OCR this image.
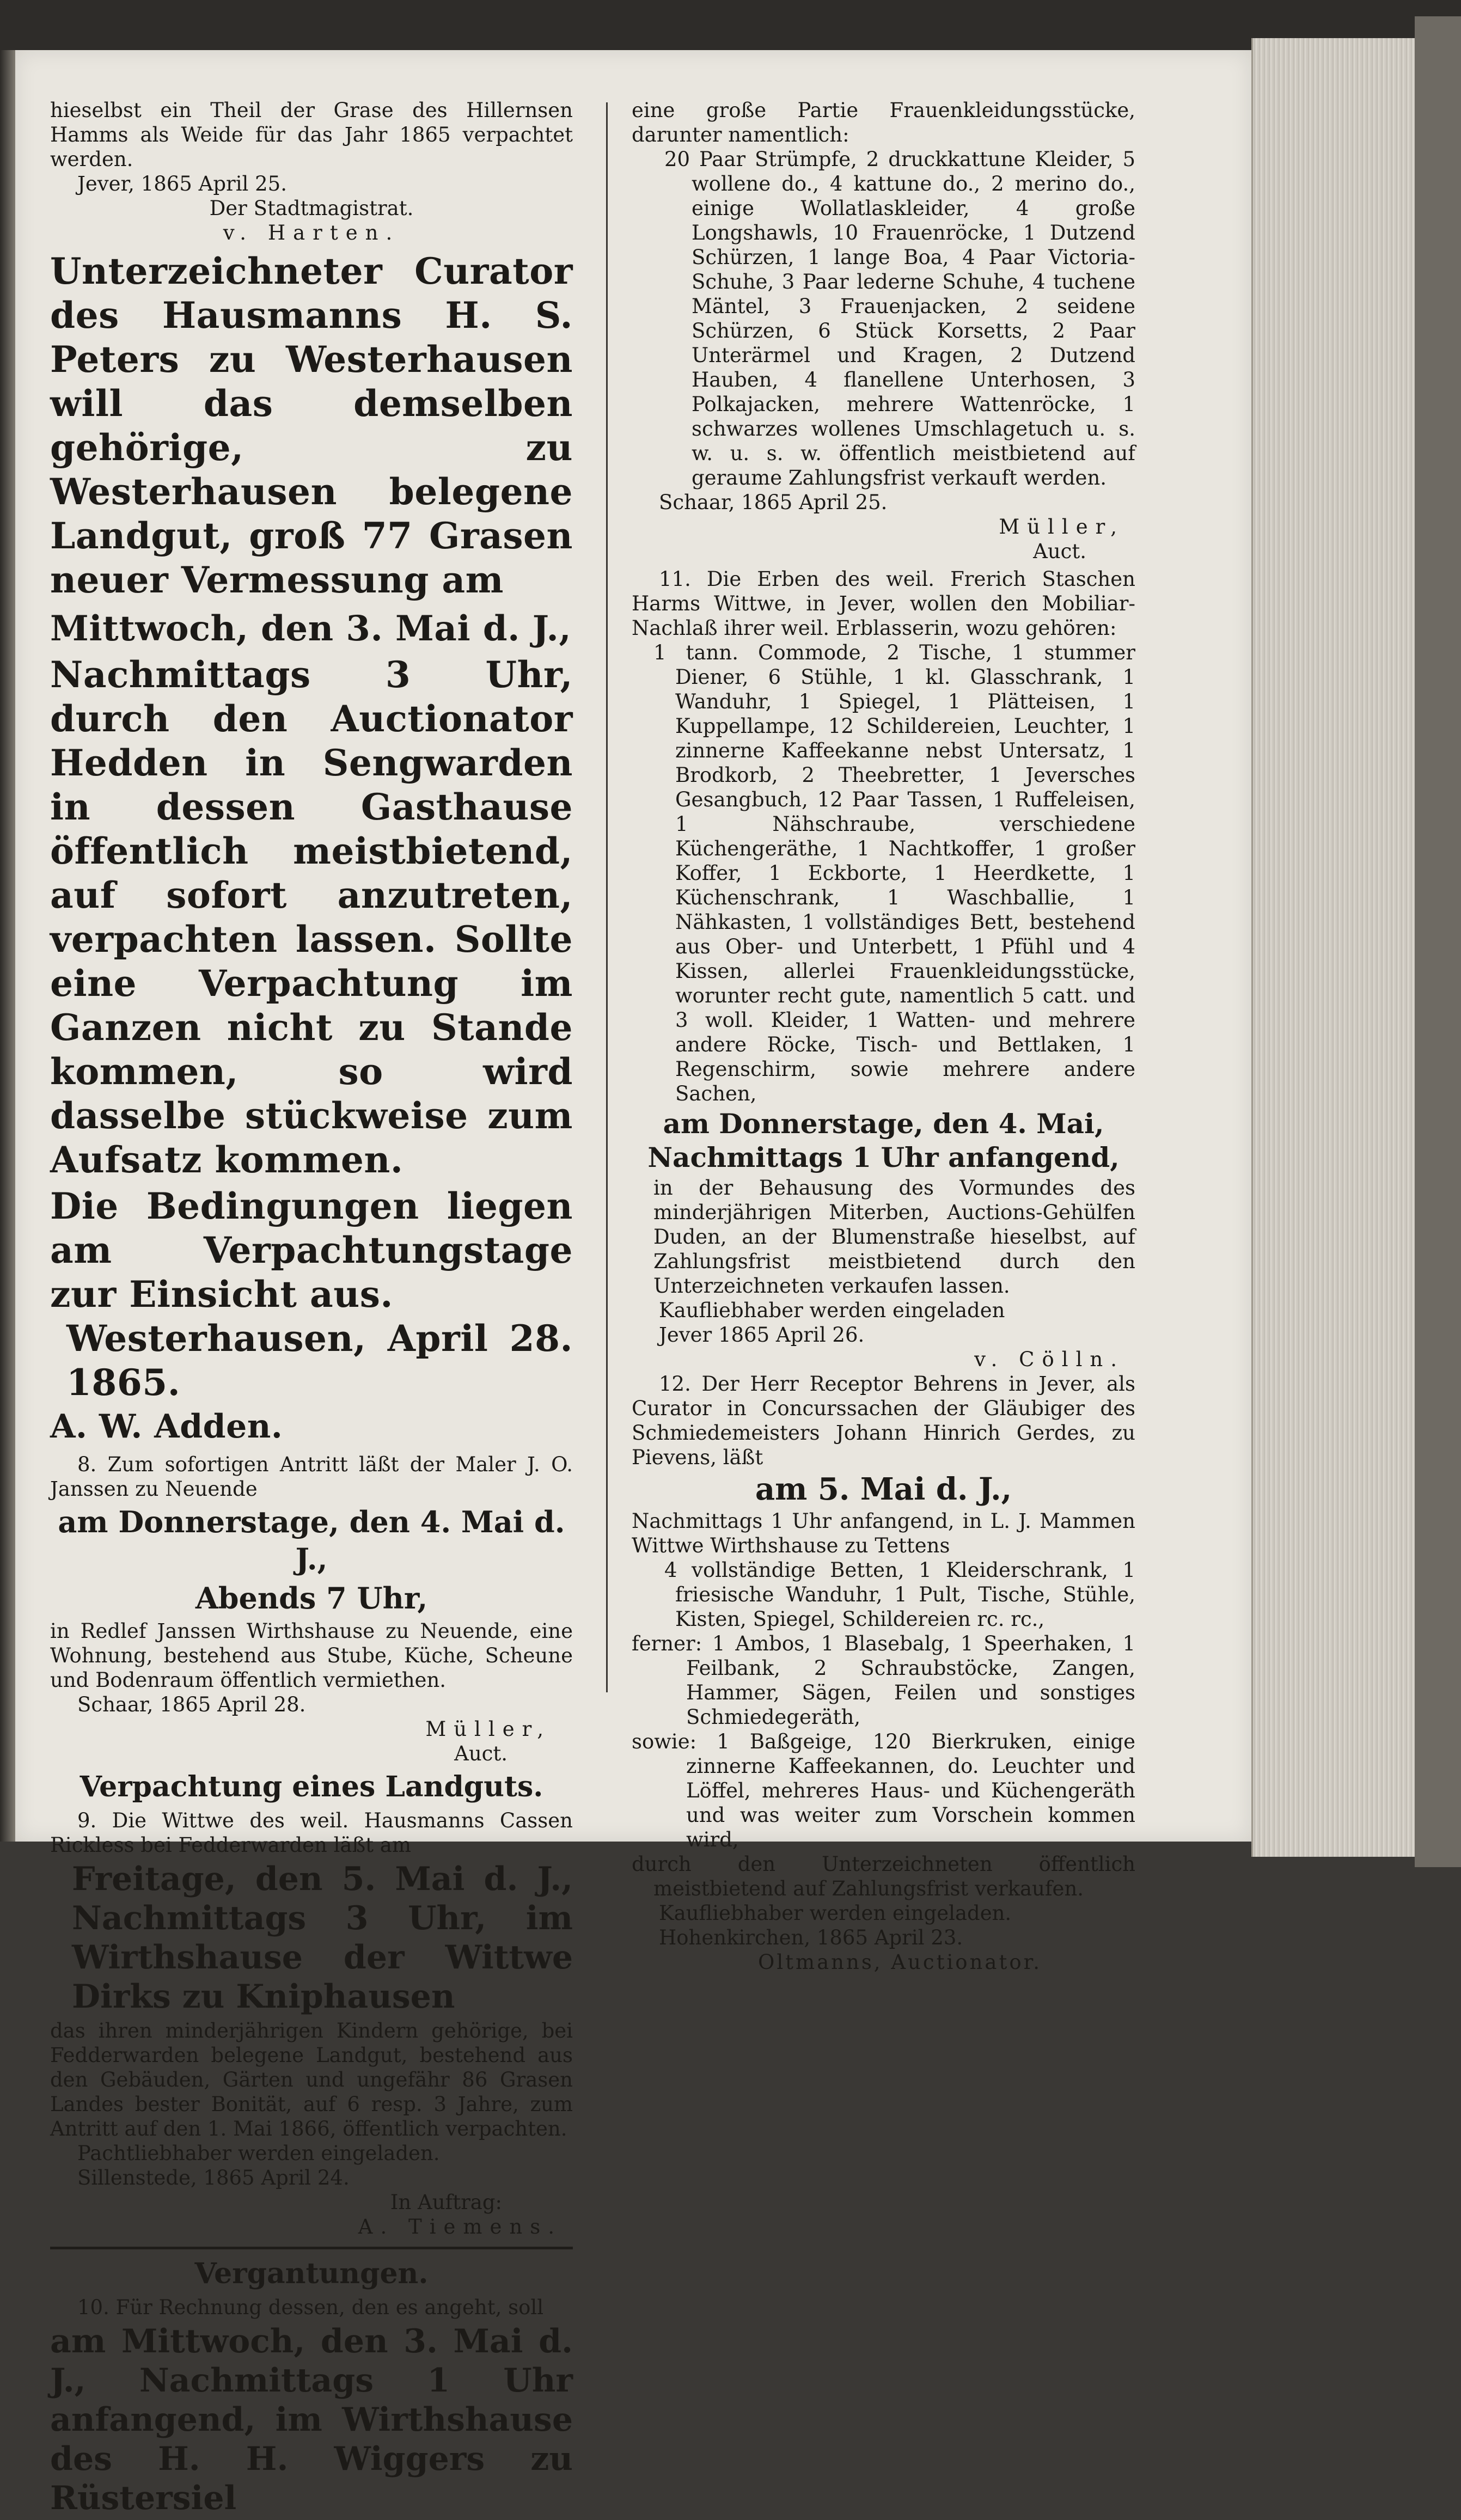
hieselbst ein Theil der Grase des Hillernsen Hamms als Weide für das Jahr 1865 verpachtet werden.

Jever, 1865 April 25.

Der Stadtmagistrat.

v. Harten.

Unterzeichneter Curator des Hausmanns H. S. Peters zu Westerhausen will das demselben gehörige, zu Westerhausen belegene Landgut, groß 77 Grasen neuer Vermessung am

Mittwoch, den 3. Mai d. J.,

Nachmittags 3 Uhr, durch den Auctionator Hedden in Sengwarden in dessen Gasthause öffentlich meistbietend, auf sofort anzutreten, verpachten lassen. Sollte eine Verpachtung im Ganzen nicht zu Stande kommen, so wird dasselbe stückweise zum Aufsatz kommen.

Die Bedingungen liegen am Verpachtungstage zur Einsicht aus.

Westerhausen, April 28. 1865.

A. W. Adden.

8. Zum sofortigen Antritt läßt der Maler J. O. Janssen zu Neuende

am Donnerstage, den 4. Mai d. J.,

Abends 7 Uhr,

in Redlef Janssen Wirthshause zu Neuende, eine Wohnung, bestehend aus Stube, Küche, Scheune und Bodenraum öffentlich vermiethen.

Schaar, 1865 April 28.

Müller,

Auct.

Verpachtung eines Landguts.

9. Die Wittwe des weil. Hausmanns Cassen Rickless bei Fedderwarden läßt am

Freitage, den 5. Mai d. J., Nachmittags 3 Uhr, im Wirthshause der Wittwe Dirks zu Kniphausen

das ihren minderjährigen Kindern gehörige, bei Fedderwarden belegene Landgut, bestehend aus den Gebäuden, Gärten und ungefähr 86 Grasen Landes bester Bonität, auf 6 resp. 3 Jahre, zum Antritt auf den 1. Mai 1866, öffentlich verpachten.

Pachtliebhaber werden eingeladen.

Sillenstede, 1865 April 24.

In Auftrag:

A. Tiemens.

Vergantungen.

10. Für Rechnung dessen, den es angeht, soll

am Mittwoch, den 3. Mai d. J., Nachmittags 1 Uhr anfangend, im Wirthshause des H. H. Wiggers zu Rüstersiel

eine große Partie Frauenkleidungsstücke, darunter namentlich:

20 Paar Strümpfe, 2 druckkattune Kleider, 5 wollene do., 4 kattune do., 2 merino do., einige Wollatlaskleider, 4 große Longshawls, 10 Frauenröcke, 1 Dutzend Schürzen, 1 lange Boa, 4 Paar Victoria-Schuhe, 3 Paar lederne Schuhe, 4 tuchene Mäntel, 3 Frauenjacken, 2 seidene Schürzen, 6 Stück Korsetts, 2 Paar Unterärmel und Kragen, 2 Dutzend Hauben, 4 flanellene Unterhosen, 3 Polkajacken, mehrere Wattenröcke, 1 schwarzes wollenes Umschlagetuch u. s. w. u. s. w. öffentlich meistbietend auf geraume Zahlungsfrist verkauft werden.

Schaar, 1865 April 25.

Müller,

Auct.

11. Die Erben des weil. Frerich Staschen Harms Wittwe, in Jever, wollen den Mobiliar-Nachlaß ihrer weil. Erblasserin, wozu gehören:

1 tann. Commode, 2 Tische, 1 stummer Diener, 6 Stühle, 1 kl. Glasschrank, 1 Wanduhr, 1 Spiegel, 1 Plätteisen, 1 Kuppellampe, 12 Schildereien, Leuchter, 1 zinnerne Kaffeekanne nebst Untersatz, 1 Brodkorb, 2 Theebretter, 1 Jeversches Gesangbuch, 12 Paar Tassen, 1 Ruffeleisen, 1 Nähschraube, verschiedene Küchengeräthe, 1 Nachtkoffer, 1 großer Koffer, 1 Eckborte, 1 Heerdkette, 1 Küchenschrank, 1 Waschballie, 1 Nähkasten, 1 vollständiges Bett, bestehend aus Ober- und Unterbett, 1 Pfühl und 4 Kissen, allerlei Frauenkleidungsstücke, worunter recht gute, namentlich 5 catt. und 3 woll. Kleider, 1 Watten- und mehrere andere Röcke, Tisch- und Bettlaken, 1 Regenschirm, sowie mehrere andere Sachen,

am Donnerstage, den 4. Mai, Nachmittags 1 Uhr anfangend,

in der Behausung des Vormundes des minderjährigen Miterben, Auctions-Gehülfen Duden, an der Blumenstraße hieselbst, auf Zahlungsfrist meistbietend durch den Unterzeichneten verkaufen lassen.

Kaufliebhaber werden eingeladen

Jever 1865 April 26.

v. Cölln.

12. Der Herr Receptor Behrens in Jever, als Curator in Concurssachen der Gläubiger des Schmiedemeisters Johann Hinrich Gerdes, zu Pievens, läßt

am 5. Mai d. J.,

Nachmittags 1 Uhr anfangend, in L. J. Mammen Wittwe Wirthshause zu Tettens

4 vollständige Betten, 1 Kleiderschrank, 1 friesische Wanduhr, 1 Pult, Tische, Stühle, Kisten, Spiegel, Schildereien rc. rc.,

ferner: 1 Ambos, 1 Blasebalg, 1 Speerhaken, 1 Feilbank, 2 Schraubstöcke, Zangen, Hammer, Sägen, Feilen und sonstiges Schmiedegeräth,

sowie: 1 Baßgeige, 120 Bierkruken, einige zinnerne Kaffeekannen, do. Leuchter und Löffel, mehreres Haus- und Küchengeräth und was weiter zum Vorschein kommen wird,

durch den Unterzeichneten öffentlich meistbietend auf Zahlungsfrist verkaufen.

Kaufliebhaber werden eingeladen.

Hohenkirchen, 1865 April 23.

Oltmanns, Auctionator.
